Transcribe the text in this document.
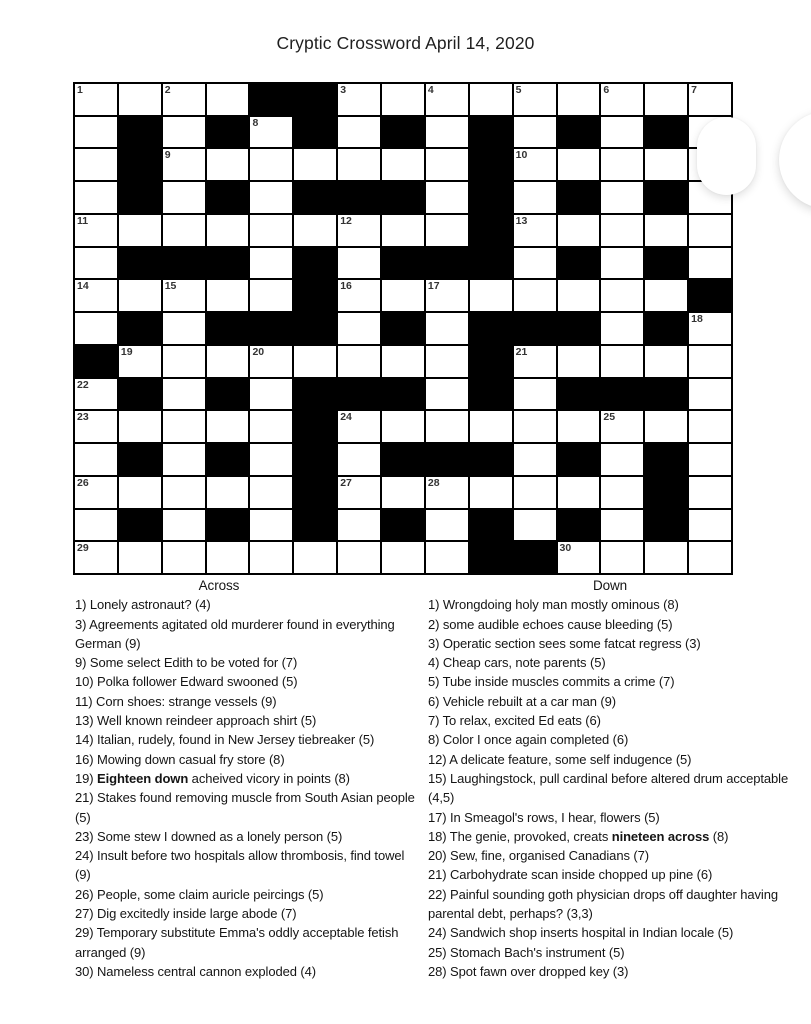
Cryptic Crossword April 14, 2020
1	2	3	4	5	6	7
8
9	10
11	12	13
14	15	16	17
18
19	20	21
22
23	24	25
26	27	28
29	30
Across
1) Lonely astronaut? (4)
3) Agreements agitated old murderer found in everything German (9)
9) Some select Edith to be voted for (7)
10) Polka follower Edward swooned (5)
11) Corn shoes: strange vessels (9)
13) Well known reindeer approach shirt (5)
14) Italian, rudely, found in New Jersey tiebreaker (5)
16) Mowing down casual fry store (8)
19) Eighteen down acheived vicory in points (8)
21) Stakes found removing muscle from South Asian people (5)
23) Some stew I downed as a lonely person (5)
24) Insult before two hospitals allow thrombosis, find towel (9)
26) People, some claim auricle peircings (5)
27) Dig excitedly inside large abode (7)
29) Temporary substitute Emma's oddly acceptable fetish arranged (9)
30) Nameless central cannon exploded (4)
Down
1) Wrongdoing holy man mostly ominous (8)
2) some audible echoes cause bleeding (5)
3) Operatic section sees some fatcat regress (3)
4) Cheap cars, note parents (5)
5) Tube inside muscles commits a crime (7)
6) Vehicle rebuilt at a car man (9)
7) To relax, excited Ed eats (6)
8) Color I once again completed (6)
12) A delicate feature, some self indugence (5)
15) Laughingstock, pull cardinal before altered drum acceptable (4,5)
17) In Smeagol's rows, I hear, flowers (5)
18) The genie, provoked, creats nineteen across (8)
20) Sew, fine, organised Canadians (7)
21) Carbohydrate scan inside chopped up pine (6)
22) Painful sounding goth physician drops off daughter having parental debt, perhaps? (3,3)
24) Sandwich shop inserts hospital in Indian locale (5)
25) Stomach Bach's instrument (5)
28) Spot fawn over dropped key (3)
